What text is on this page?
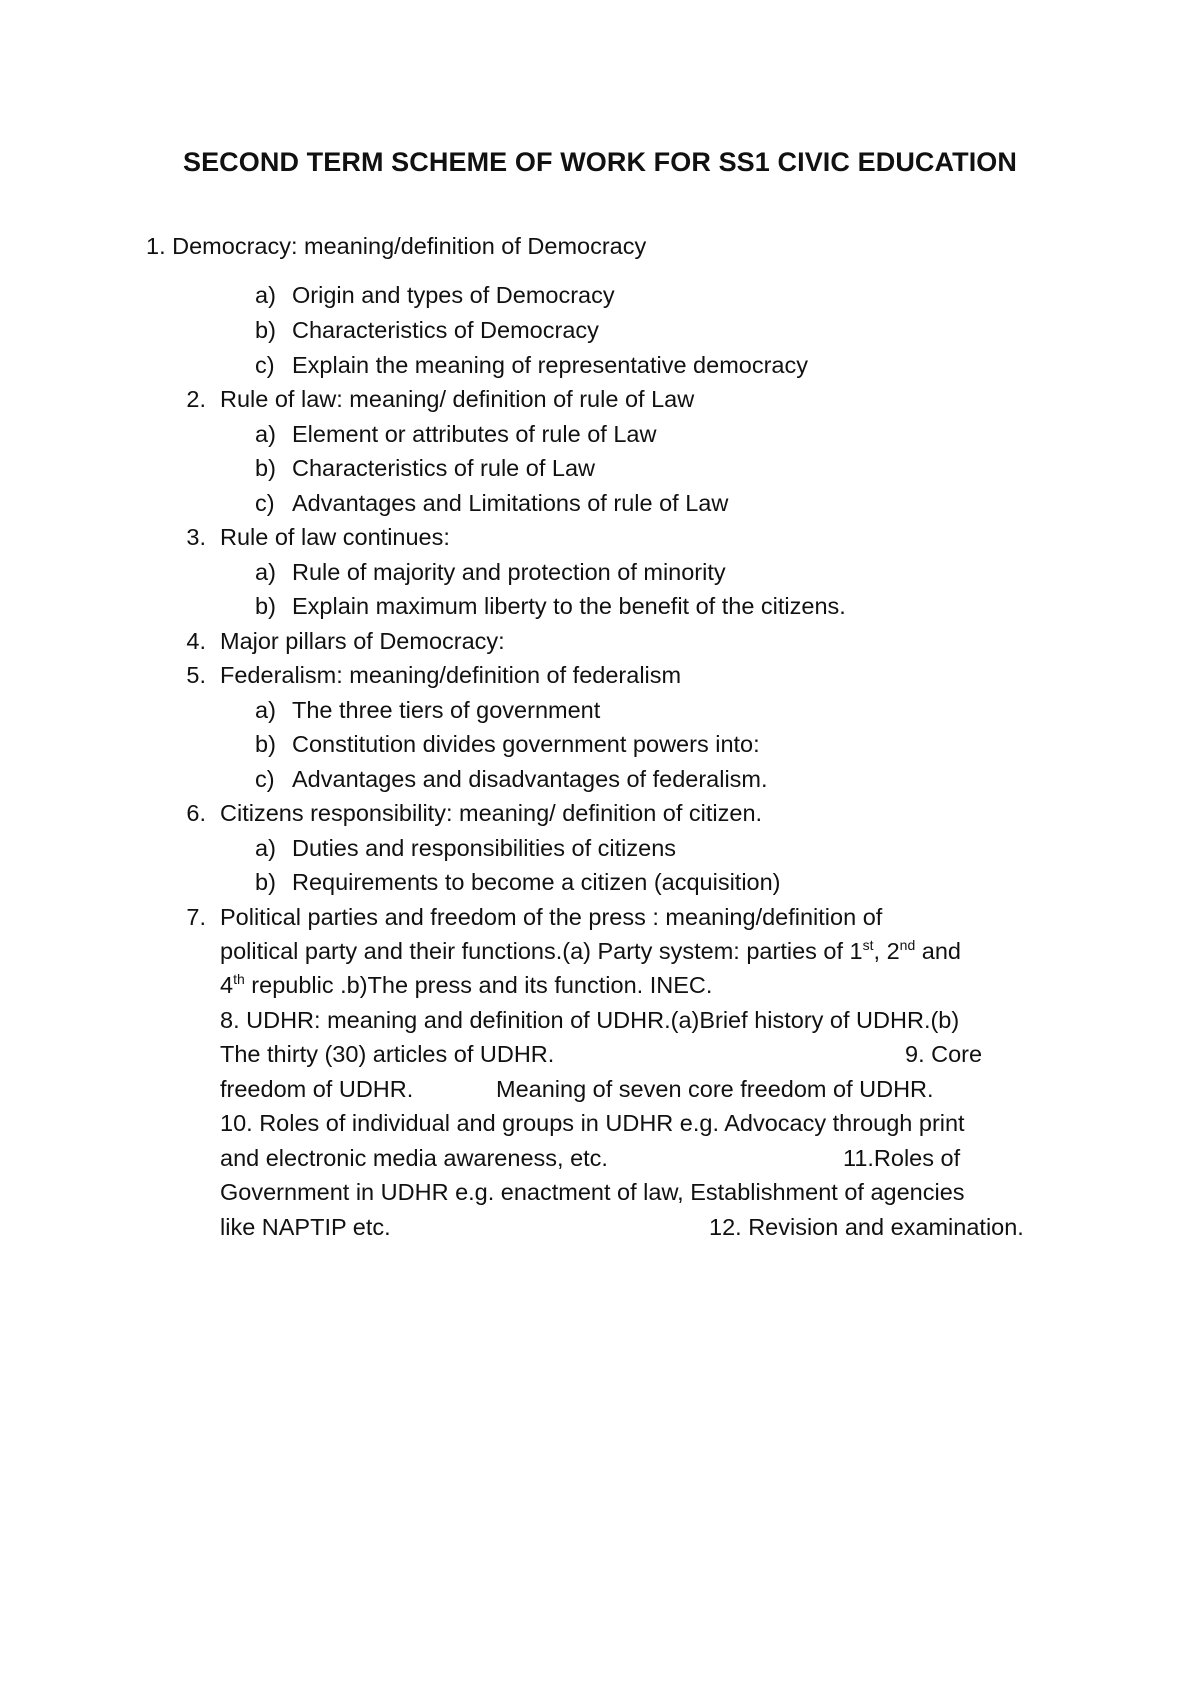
SECOND TERM SCHEME OF WORK FOR SS1 CIVIC EDUCATION
1. Democracy: meaning/definition of Democracy
a) Origin and types of Democracy
b) Characteristics of Democracy
c) Explain the meaning of representative democracy
2. Rule of law: meaning/ definition of rule of Law
a) Element or attributes of rule of Law
b) Characteristics of rule of Law
c) Advantages and Limitations of rule of Law
3. Rule of law continues:
a) Rule of majority and protection of minority
b) Explain maximum liberty to the benefit of the citizens.
4. Major pillars of Democracy:
5. Federalism: meaning/definition of federalism
a) The three tiers of government
b) Constitution divides government powers into:
c) Advantages and disadvantages of federalism.
6. Citizens responsibility: meaning/ definition of citizen.
a) Duties and responsibilities of citizens
b) Requirements to become a citizen (acquisition)
7. Political parties and freedom of the press : meaning/definition of
political party and their functions.(a) Party system: parties of 1st, 2nd and
4th republic .b)The press and its function. INEC.
8. UDHR: meaning and definition of UDHR.(a)Brief history of UDHR.(b)
The thirty (30) articles of UDHR.	9. Core
freedom of UDHR.	Meaning of seven core freedom of UDHR.
10. Roles of individual and groups in UDHR e.g. Advocacy through print
and electronic media awareness, etc.	11.Roles of
Government in UDHR e.g. enactment of law, Establishment of agencies
like NAPTIP etc.	12. Revision and examination.
